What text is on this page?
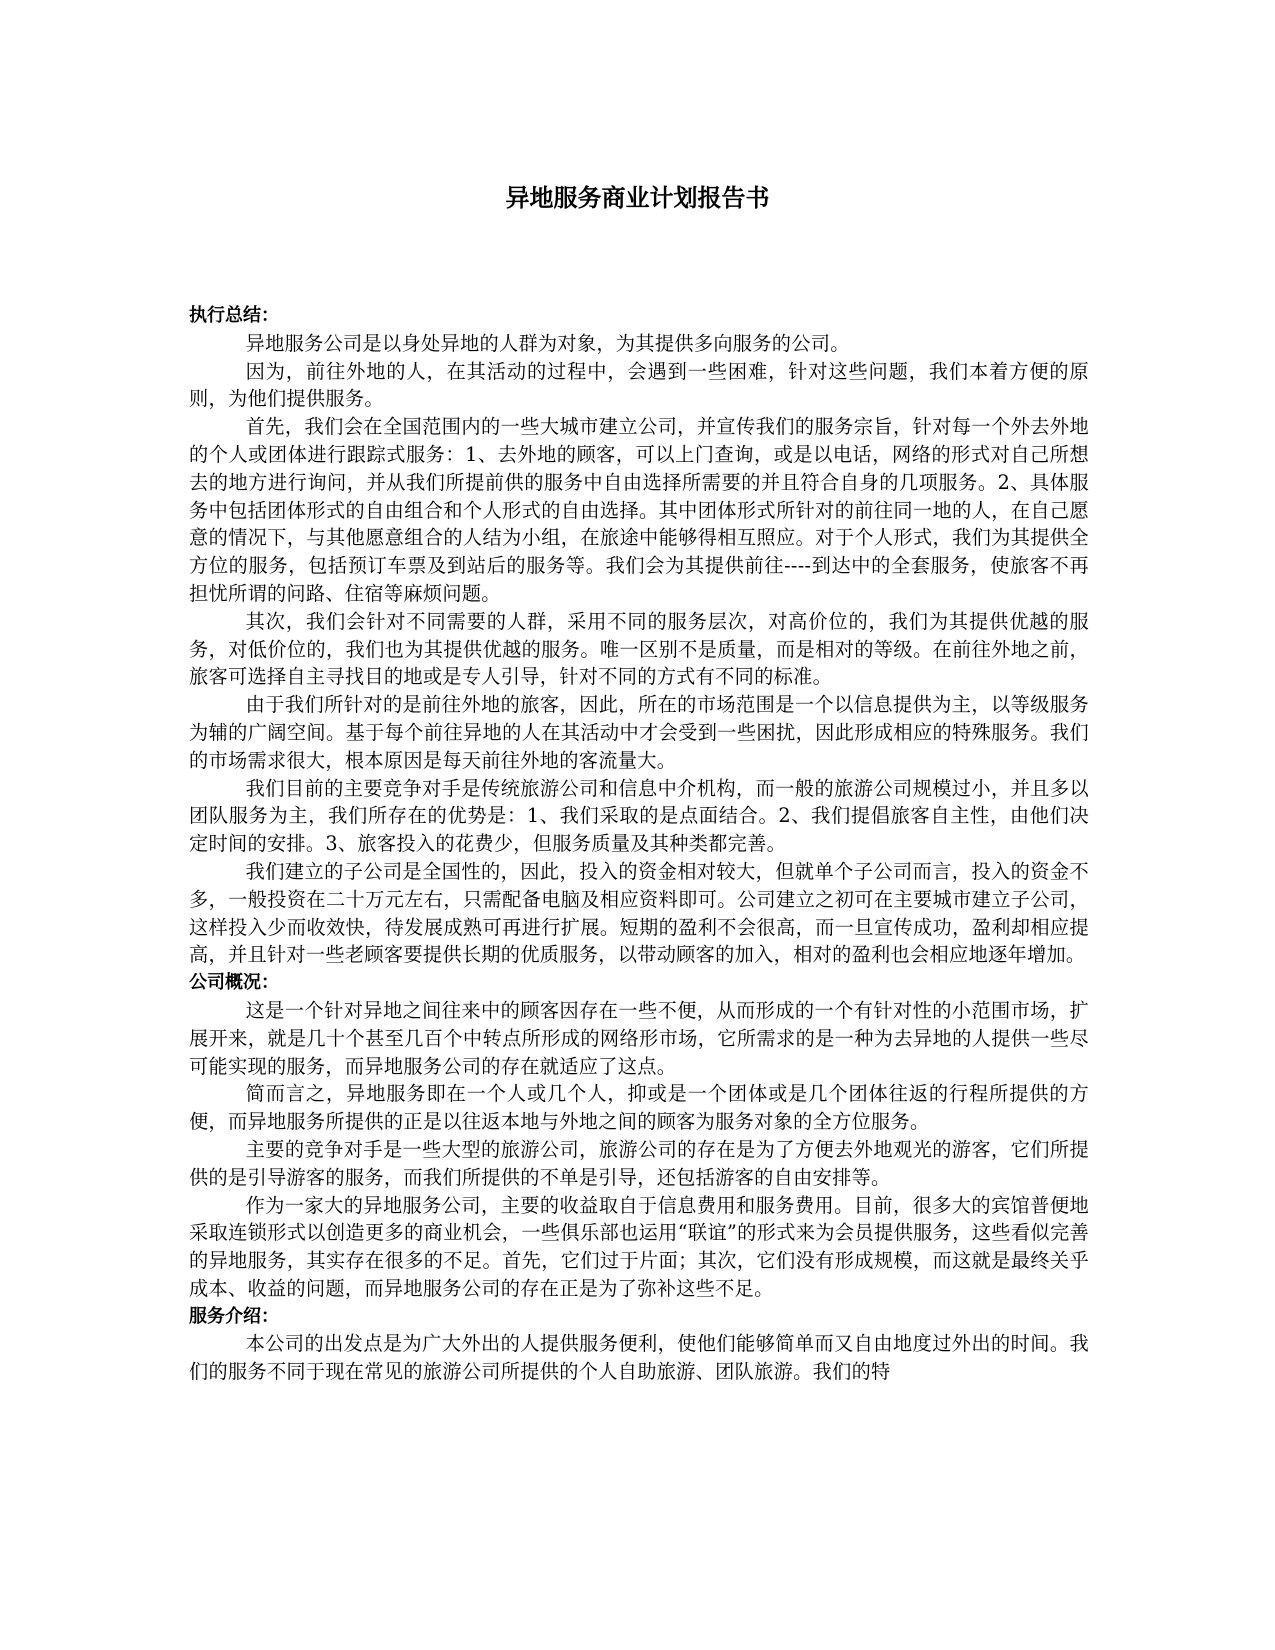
异地服务商业计划报告书

执行总结：

异地服务公司是以身处异地的人群为对象，为其提供多向服务的公司。

因为，前往外地的人，在其活动的过程中，会遇到一些困难，针对这些问题，我们本着方便的原则，为他们提供服务。

首先，我们会在全国范围内的一些大城市建立公司，并宣传我们的服务宗旨，针对每一个外去外地的个人或团体进行跟踪式服务：1、去外地的顾客，可以上门查询，或是以电话，网络的形式对自己所想去的地方进行询问，并从我们所提前供的服务中自由选择所需要的并且符合自身的几项服务。2、具体服务中包括团体形式的自由组合和个人形式的自由选择。其中团体形式所针对的前往同一地的人，在自己愿意的情况下，与其他愿意组合的人结为小组，在旅途中能够得相互照应。对于个人形式，我们为其提供全方位的服务，包括预订车票及到站后的服务等。我们会为其提供前往----到达中的全套服务，使旅客不再担忧所谓的问路、住宿等麻烦问题。

其次，我们会针对不同需要的人群，采用不同的服务层次，对高价位的，我们为其提供优越的服务，对低价位的，我们也为其提供优越的服务。唯一区别不是质量，而是相对的等级。在前往外地之前，旅客可选择自主寻找目的地或是专人引导，针对不同的方式有不同的标准。

由于我们所针对的是前往外地的旅客，因此，所在的市场范围是一个以信息提供为主，以等级服务为辅的广阔空间。基于每个前往异地的人在其活动中才会受到一些困扰，因此形成相应的特殊服务。我们的市场需求很大，根本原因是每天前往外地的客流量大。

我们目前的主要竞争对手是传统旅游公司和信息中介机构，而一般的旅游公司规模过小，并且多以团队服务为主，我们所存在的优势是：1、我们采取的是点面结合。2、我们提倡旅客自主性，由他们决定时间的安排。3、旅客投入的花费少，但服务质量及其种类都完善。

我们建立的子公司是全国性的，因此，投入的资金相对较大，但就单个子公司而言，投入的资金不多，一般投资在二十万元左右，只需配备电脑及相应资料即可。公司建立之初可在主要城市建立子公司，这样投入少而收效快，待发展成熟可再进行扩展。短期的盈利不会很高，而一旦宣传成功，盈利却相应提高，并且针对一些老顾客要提供长期的优质服务，以带动顾客的加入，相对的盈利也会相应地逐年增加。

公司概况：

这是一个针对异地之间往来中的顾客因存在一些不便，从而形成的一个有针对性的小范围市场，扩展开来，就是几十个甚至几百个中转点所形成的网络形市场，它所需求的是一种为去异地的人提供一些尽可能实现的服务，而异地服务公司的存在就适应了这点。

简而言之，异地服务即在一个人或几个人，抑或是一个团体或是几个团体往返的行程所提供的方便，而异地服务所提供的正是以往返本地与外地之间的顾客为服务对象的全方位服务。

主要的竞争对手是一些大型的旅游公司，旅游公司的存在是为了方便去外地观光的游客，它们所提供的是引导游客的服务，而我们所提供的不单是引导，还包括游客的自由安排等。

作为一家大的异地服务公司，主要的收益取自于信息费用和服务费用。目前，很多大的宾馆普便地采取连锁形式以创造更多的商业机会，一些俱乐部也运用“联谊”的形式来为会员提供服务，这些看似完善的异地服务，其实存在很多的不足。首先，它们过于片面；其次，它们没有形成规模，而这就是最终关乎成本、收益的问题，而异地服务公司的存在正是为了弥补这些不足。

服务介绍：

本公司的出发点是为广大外出的人提供服务便利，使他们能够简单而又自由地度过外出的时间。我们的服务不同于现在常见的旅游公司所提供的个人自助旅游、团队旅游。我们的特
